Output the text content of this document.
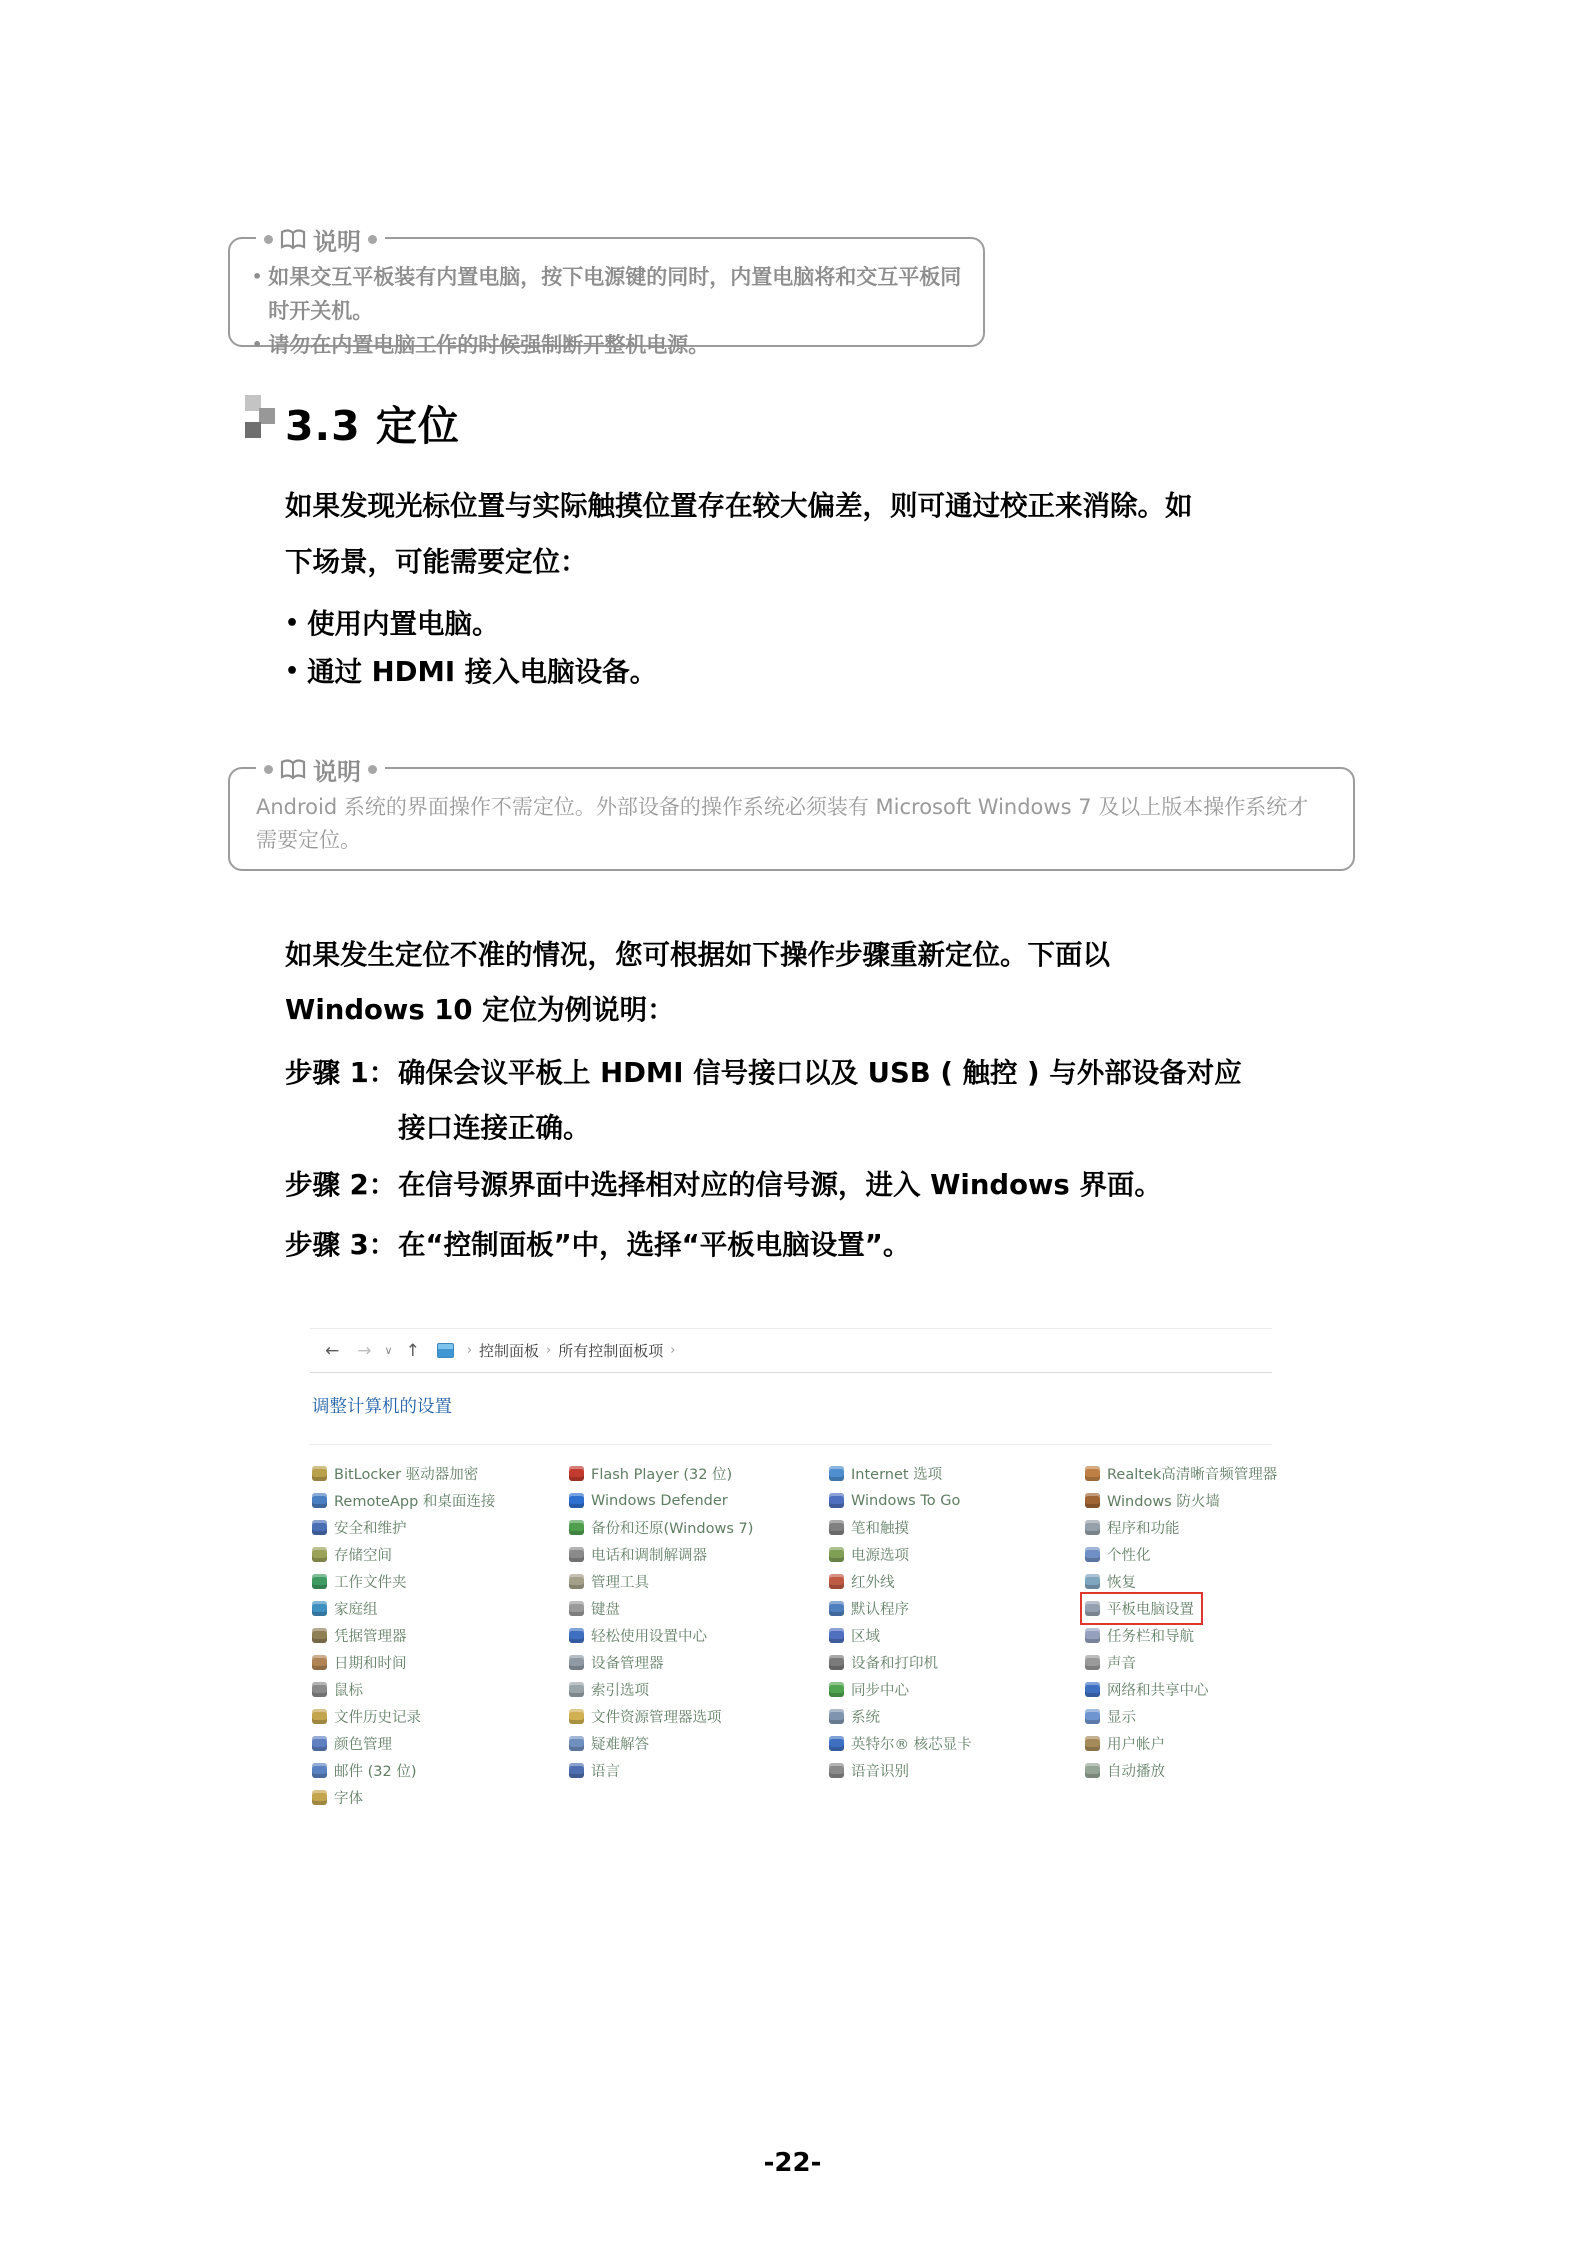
说明
• 如果交互平板装有内置电脑，按下电源键的同时，内置电脑将和交互平板同时开关机。
• 请勿在内置电脑工作的时候强制断开整机电源。
3.3 定位

如果发现光标位置与实际触摸位置存在较大偏差，则可通过校正来消除。如下场景，可能需要定位：

• 使用内置电脑。
• 通过 HDMI 接入电脑设备。
说明

Android 系统的界面操作不需定位。外部设备的操作系统必须装有 Microsoft Windows 7 及以上版本操作系统才需要定位。

如果发生定位不准的情况，您可根据如下操作步骤重新定位。下面以 Windows 10 定位为例说明：

步骤 1： 确保会议平板上 HDMI 信号接口以及 USB ( 触控 ) 与外部设备对应接口连接正确。
步骤 2： 在信号源界面中选择相对应的信号源，进入 Windows 界面。
步骤 3： 在“控制面板”中，选择“平板电脑设置”。
← → ∨ ↑	› 控制面板 › 所有控制面板项 ›
调整计算机的设置
BitLocker 驱动器加密
RemoteApp 和桌面连接
安全和维护
存储空间
工作文件夹
家庭组
凭据管理器
日期和时间
鼠标
文件历史记录
颜色管理
邮件 (32 位)
字体
Flash Player (32 位)
Windows Defender
备份和还原(Windows 7)
电话和调制解调器
管理工具
键盘
轻松使用设置中心
设备管理器
索引选项
文件资源管理器选项
疑难解答
语言
Internet 选项
Windows To Go
笔和触摸
电源选项
红外线
默认程序
区域
设备和打印机
同步中心
系统
英特尔® 核芯显卡
语音识别
Realtek高清晰音频管理器
Windows 防火墙
程序和功能
个性化
恢复
平板电脑设置
任务栏和导航
声音
网络和共享中心
显示
用户帐户
自动播放
-22-
